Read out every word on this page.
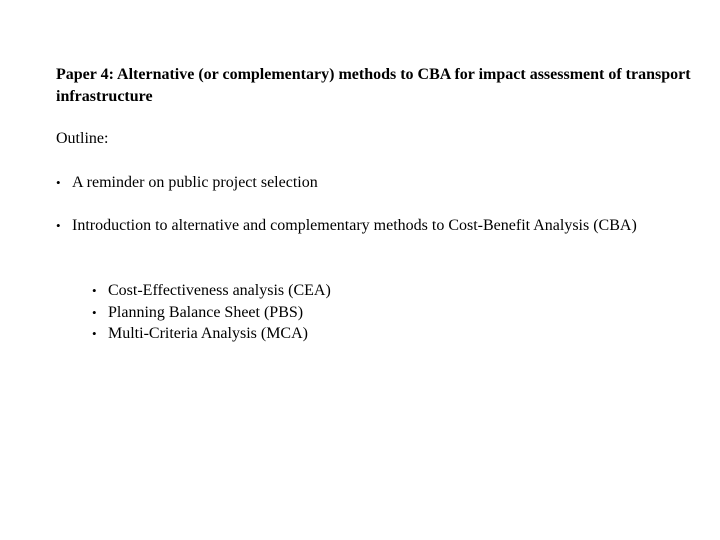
Paper 4: Alternative (or complementary) methods to CBA for impact assessment of transport infrastructure

Outline:

• A reminder on public project selection
• Introduction to alternative and complementary methods to Cost-Benefit Analysis (CBA)
• Cost-Effectiveness analysis (CEA)
• Planning Balance Sheet (PBS)
• Multi-Criteria Analysis (MCA)
